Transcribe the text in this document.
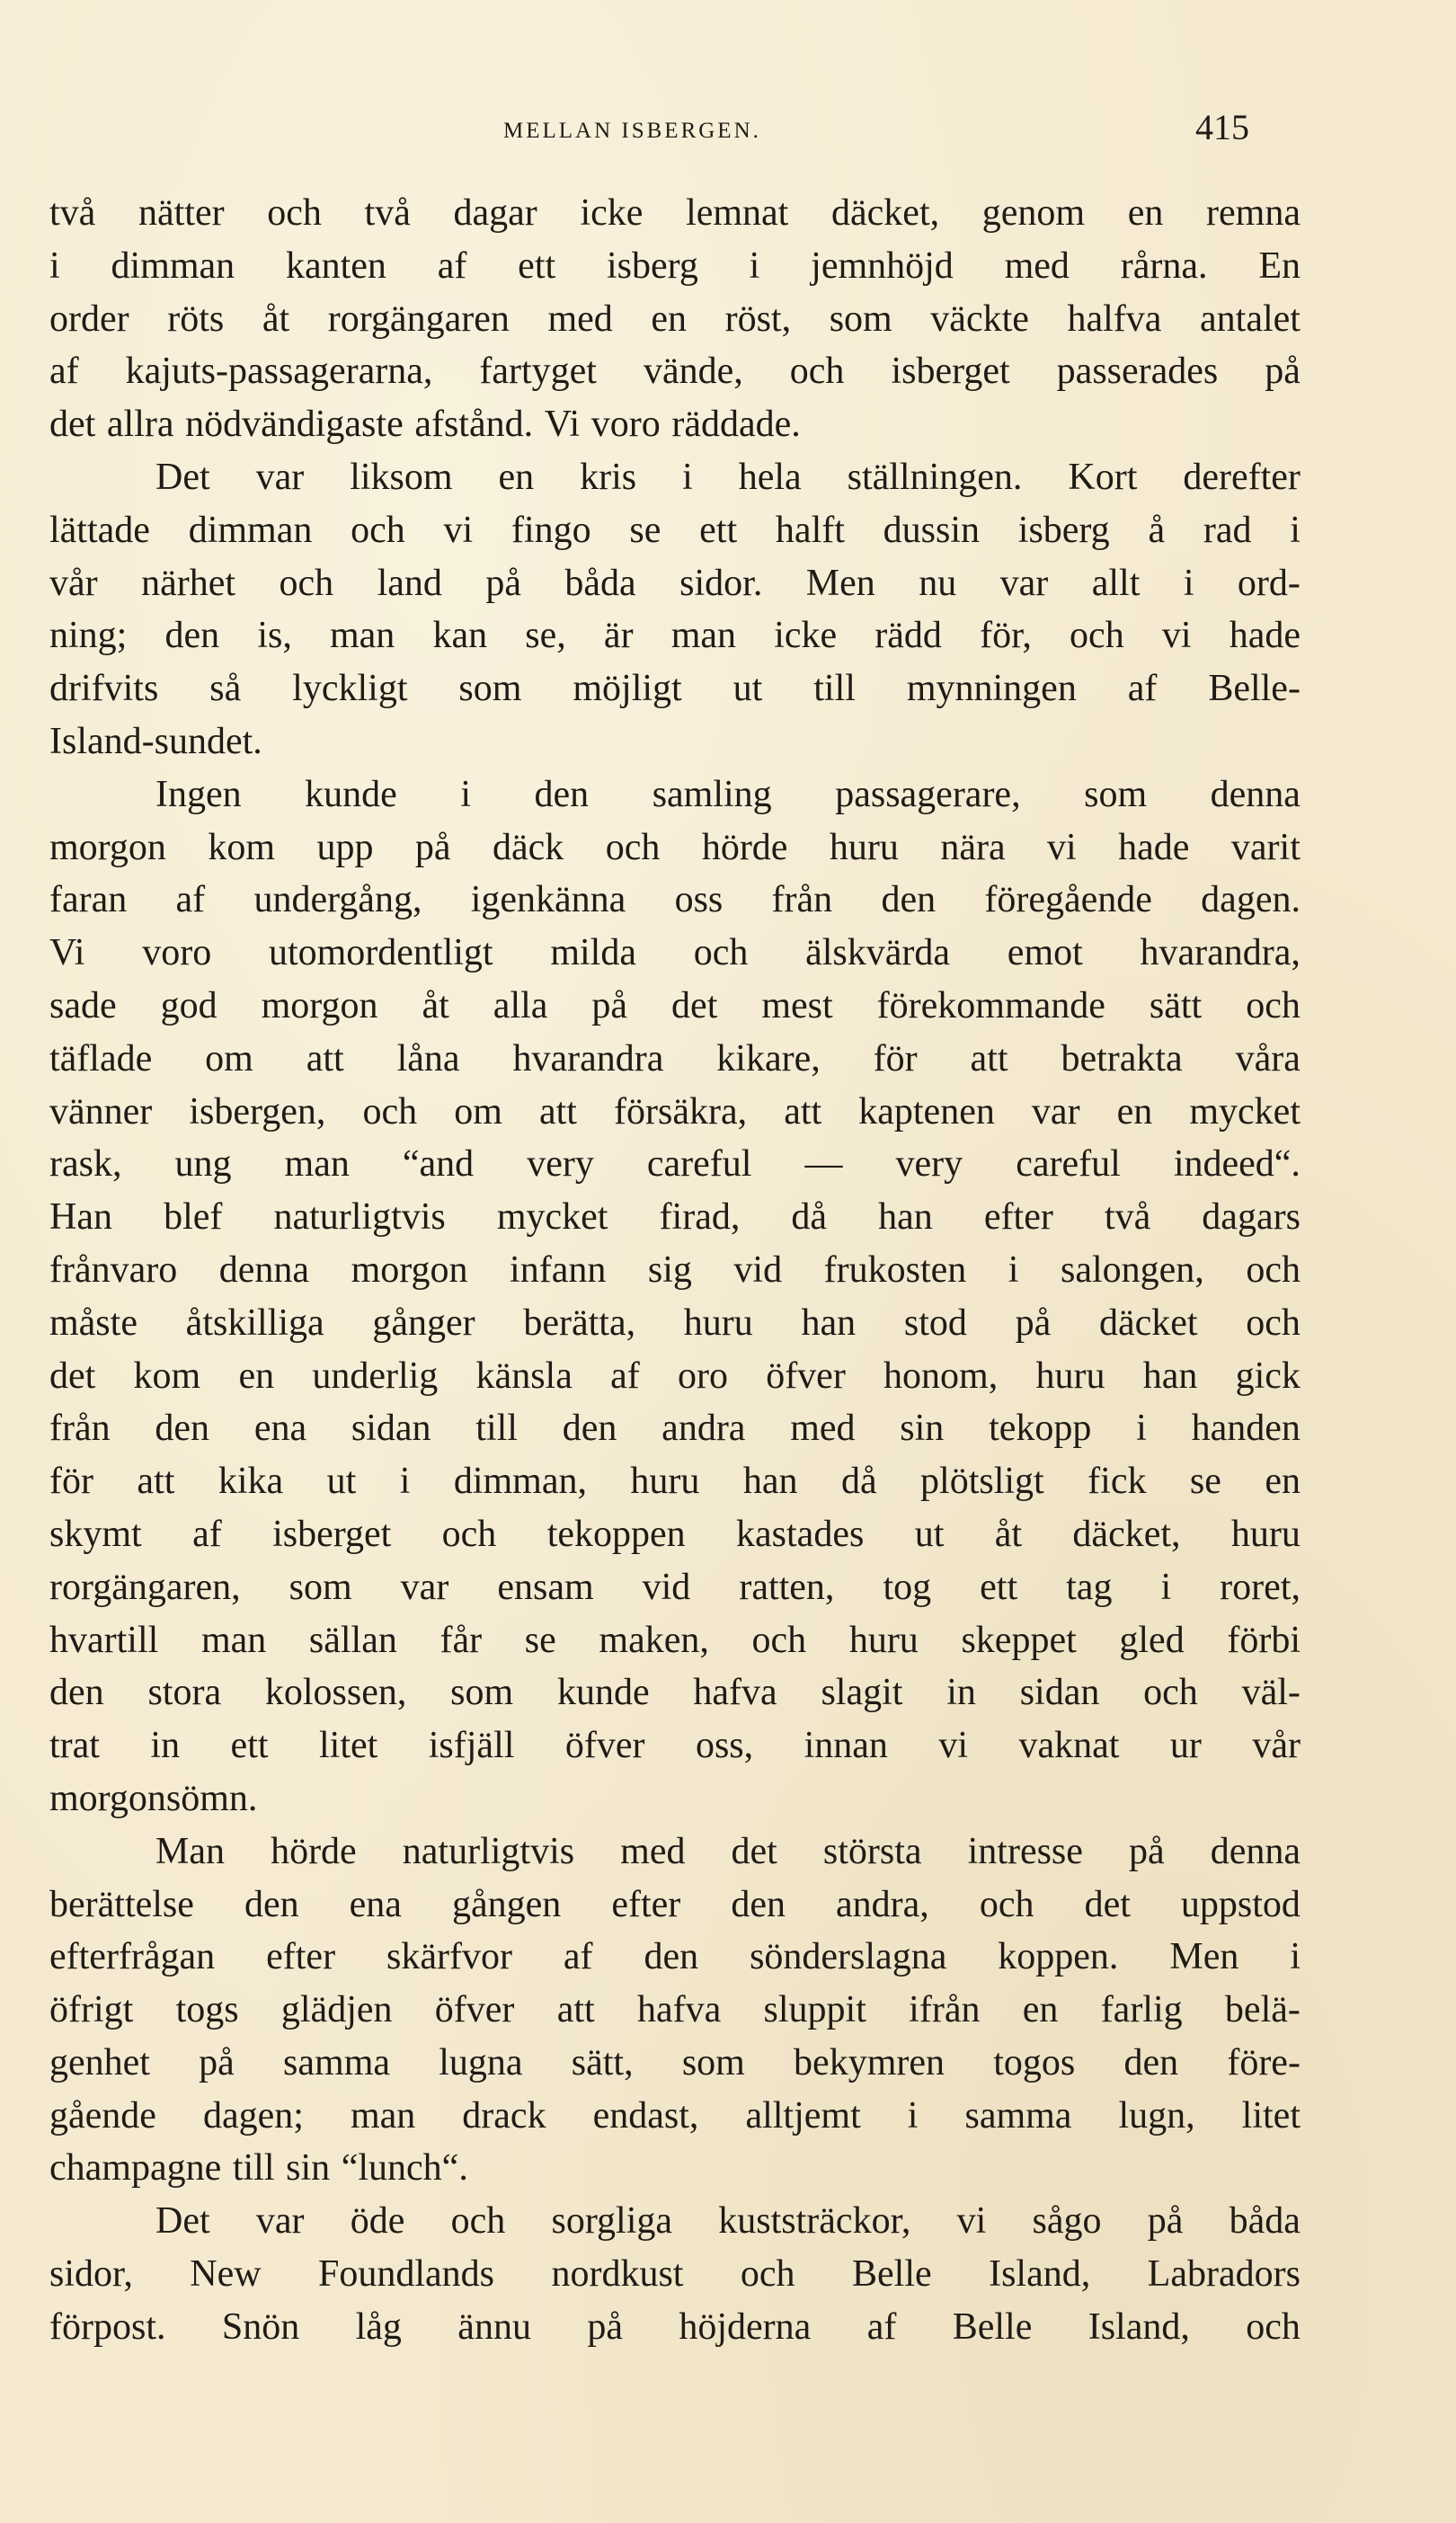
MELLAN ISBERGEN.	415
två nätter och två dagar icke lemnat däcket, genom en remna
i dimman kanten af ett isberg i jemnhöjd med rårna. En
order röts åt rorgängaren med en röst, som väckte halfva antalet
af kajuts-passagerarna, fartyget vände, och isberget passerades på
det allra nödvändigaste afstånd. Vi voro räddade.
Det var liksom en kris i hela ställningen. Kort derefter
lättade dimman och vi fingo se ett halft dussin isberg å rad i
vår närhet och land på båda sidor. Men nu var allt i ord-
ning; den is, man kan se, är man icke rädd för, och vi hade
drifvits så lyckligt som möjligt ut till mynningen af Belle-
Island-sundet.
Ingen kunde i den samling passagerare, som denna
morgon kom upp på däck och hörde huru nära vi hade varit
faran af undergång, igenkänna oss från den föregående dagen.
Vi voro utomordentligt milda och älskvärda emot hvarandra,
sade god morgon åt alla på det mest förekommande sätt och
täflade om att låna hvarandra kikare, för att betrakta våra
vänner isbergen, och om att försäkra, att kaptenen var en mycket
rask, ung man “and very careful — very careful indeed“.
Han blef naturligtvis mycket firad, då han efter två dagars
frånvaro denna morgon infann sig vid frukosten i salongen, och
måste åtskilliga gånger berätta, huru han stod på däcket och
det kom en underlig känsla af oro öfver honom, huru han gick
från den ena sidan till den andra med sin tekopp i handen
för att kika ut i dimman, huru han då plötsligt fick se en
skymt af isberget och tekoppen kastades ut åt däcket, huru
rorgängaren, som var ensam vid ratten, tog ett tag i roret,
hvartill man sällan får se maken, och huru skeppet gled förbi
den stora kolossen, som kunde hafva slagit in sidan och väl-
trat in ett litet isfjäll öfver oss, innan vi vaknat ur vår
morgonsömn.
Man hörde naturligtvis med det största intresse på denna
berättelse den ena gången efter den andra, och det uppstod
efterfrågan efter skärfvor af den sönderslagna koppen. Men i
öfrigt togs glädjen öfver att hafva sluppit ifrån en farlig belä-
genhet på samma lugna sätt, som bekymren togos den före-
gående dagen; man drack endast, alltjemt i samma lugn, litet
champagne till sin “lunch“.
Det var öde och sorgliga kuststräckor, vi sågo på båda
sidor, New Foundlands nordkust och Belle Island, Labradors
förpost. Snön låg ännu på höjderna af Belle Island, och
